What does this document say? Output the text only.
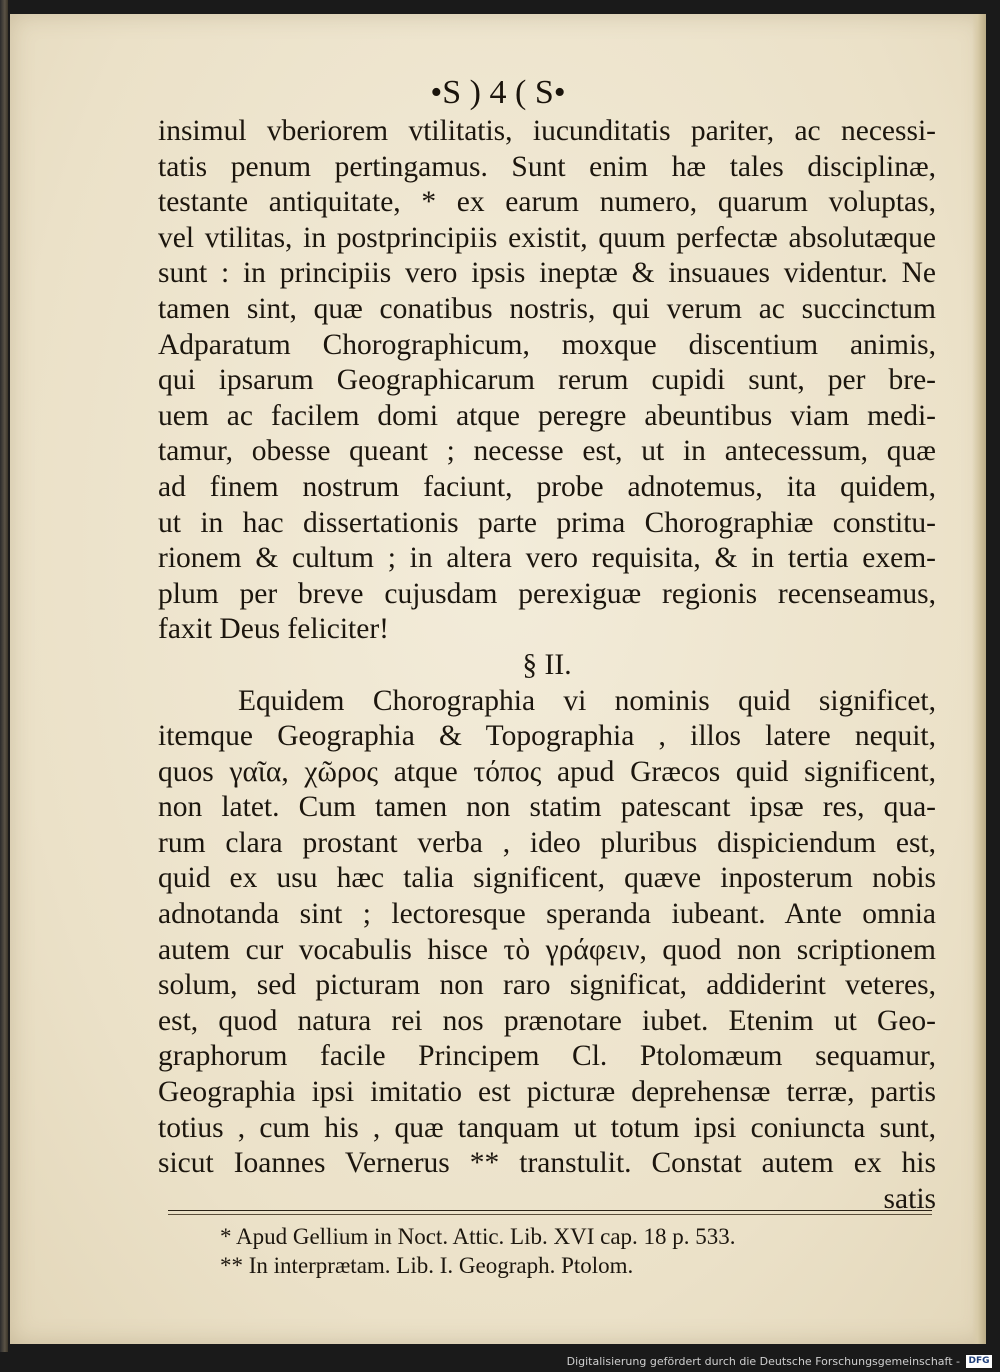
•S ) 4 ( S•
insimul vberiorem vtilitatis, iucunditatis pariter, ac necessi-
tatis penum pertingamus. Sunt enim hæ tales disciplinæ,
testante antiquitate, * ex earum numero, quarum voluptas,
vel vtilitas, in postprincipiis existit, quum perfectæ absolutæque
sunt : in principiis vero ipsis ineptæ & insuaues videntur. Ne
tamen sint, quæ conatibus nostris, qui verum ac succinctum
Adparatum Chorographicum, moxque discentium animis,
qui ipsarum Geographicarum rerum cupidi sunt, per bre-
uem ac facilem domi atque peregre abeuntibus viam medi-
tamur, obesse queant ; necesse est, ut in antecessum, quæ
ad finem nostrum faciunt, probe adnotemus, ita quidem,
ut in hac dissertationis parte prima Chorographiæ constitu-
rionem & cultum ; in altera vero requisita, & in tertia exem-
plum per breve cujusdam perexiguæ regionis recenseamus,
faxit Deus feliciter!
§ II.
Equidem Chorographia vi nominis quid significet,
itemque Geographia & Topographia , illos latere nequit,
quos γαῖα, χῶρος atque τόπος apud Græcos quid significent,
non latet. Cum tamen non statim patescant ipsæ res, qua-
rum clara prostant verba , ideo pluribus dispiciendum est,
quid ex usu hæc talia significent, quæve inposterum nobis
adnotanda sint ; lectoresque speranda iubeant. Ante omnia
autem cur vocabulis hisce τὸ γράφειν, quod non scriptionem
solum, sed picturam non raro significat, addiderint veteres,
est, quod natura rei nos prænotare iubet. Etenim ut Geo-
graphorum facile Principem Cl. Ptolomæum sequamur,
Geographia ipsi imitatio est picturæ deprehensæ terræ, partis
totius , cum his , quæ tanquam ut totum ipsi coniuncta sunt,
sicut Ioannes Vernerus ** transtulit. Constat autem ex his
satis
* Apud Gellium in Noct. Attic. Lib. XVI cap. 18 p. 533.
** In interprætam. Lib. I. Geograph. Ptolom.
Digitalisierung gefördert durch die Deutsche Forschungsgemeinschaft - DFG
